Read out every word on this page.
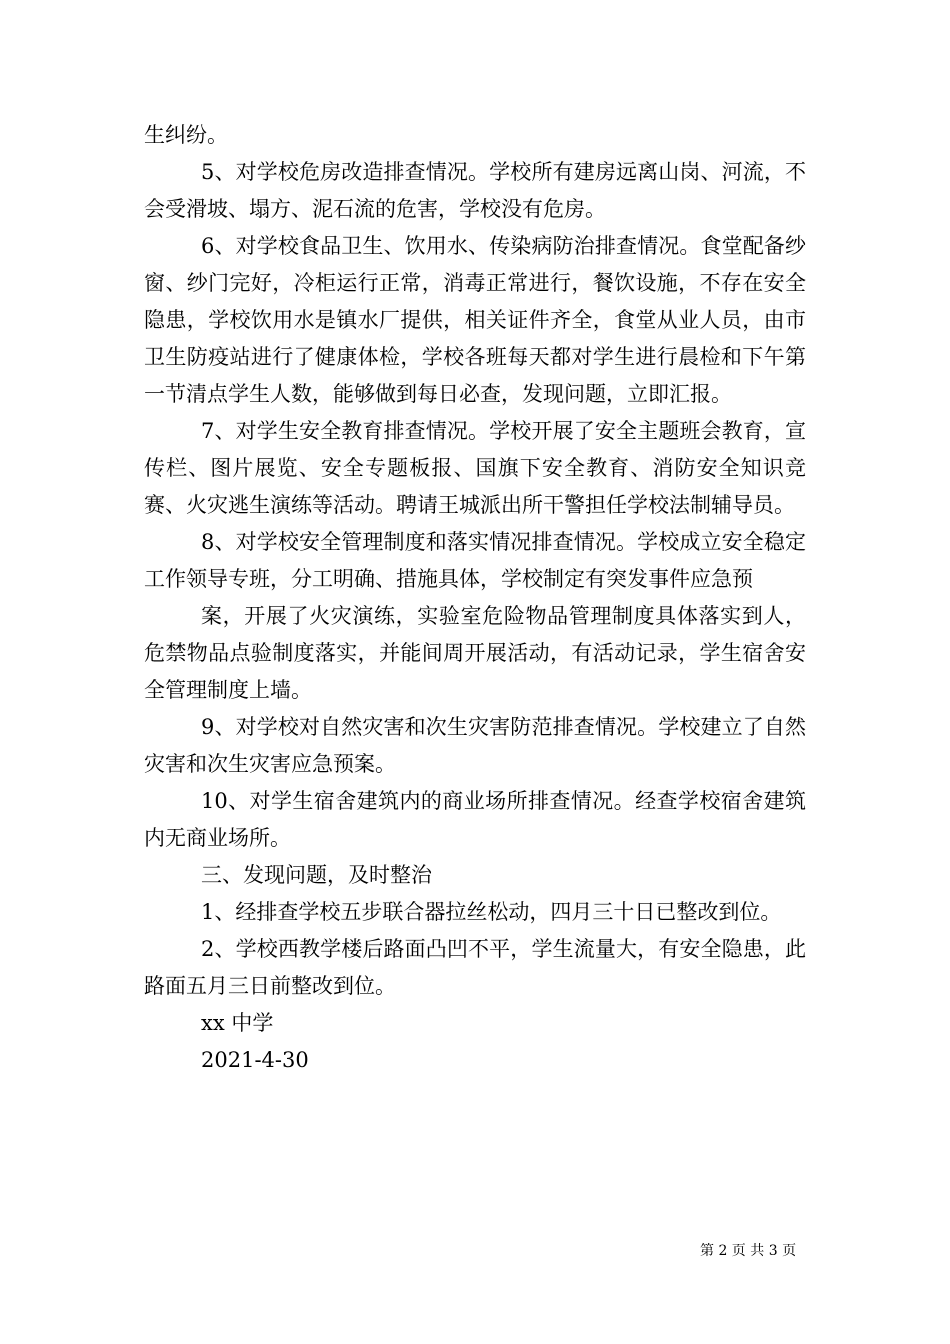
生纠纷。

5、对学校危房改造排查情况。学校所有建房远离山岗、河流，不会受滑坡、塌方、泥石流的危害，学校没有危房。

6、对学校食品卫生、饮用水、传染病防治排查情况。食堂配备纱窗、纱门完好，冷柜运行正常，消毒正常进行，餐饮设施，不存在安全隐患，学校饮用水是镇水厂提供，相关证件齐全，食堂从业人员，由市卫生防疫站进行了健康体检，学校各班每天都对学生进行晨检和下午第一节清点学生人数，能够做到每日必查，发现问题，立即汇报。

7、对学生安全教育排查情况。学校开展了安全主题班会教育，宣传栏、图片展览、安全专题板报、国旗下安全教育、消防安全知识竞赛、火灾逃生演练等活动。聘请王城派出所干警担任学校法制辅导员。

8、对学校安全管理制度和落实情况排查情况。学校成立安全稳定工作领导专班，分工明确、措施具体，学校制定有突发事件应急预

案，开展了火灾演练，实验室危险物品管理制度具体落实到人，危禁物品点验制度落实，并能间周开展活动，有活动记录，学生宿舍安全管理制度上墙。

9、对学校对自然灾害和次生灾害防范排查情况。学校建立了自然灾害和次生灾害应急预案。

10、对学生宿舍建筑内的商业场所排查情况。经查学校宿舍建筑内无商业场所。

三、发现问题，及时整治

1、经排查学校五步联合器拉丝松动，四月三十日已整改到位。

2、学校西教学楼后路面凸凹不平，学生流量大，有安全隐患，此路面五月三日前整改到位。

xx 中学

2021-4-30

第 2 页 共 3 页
